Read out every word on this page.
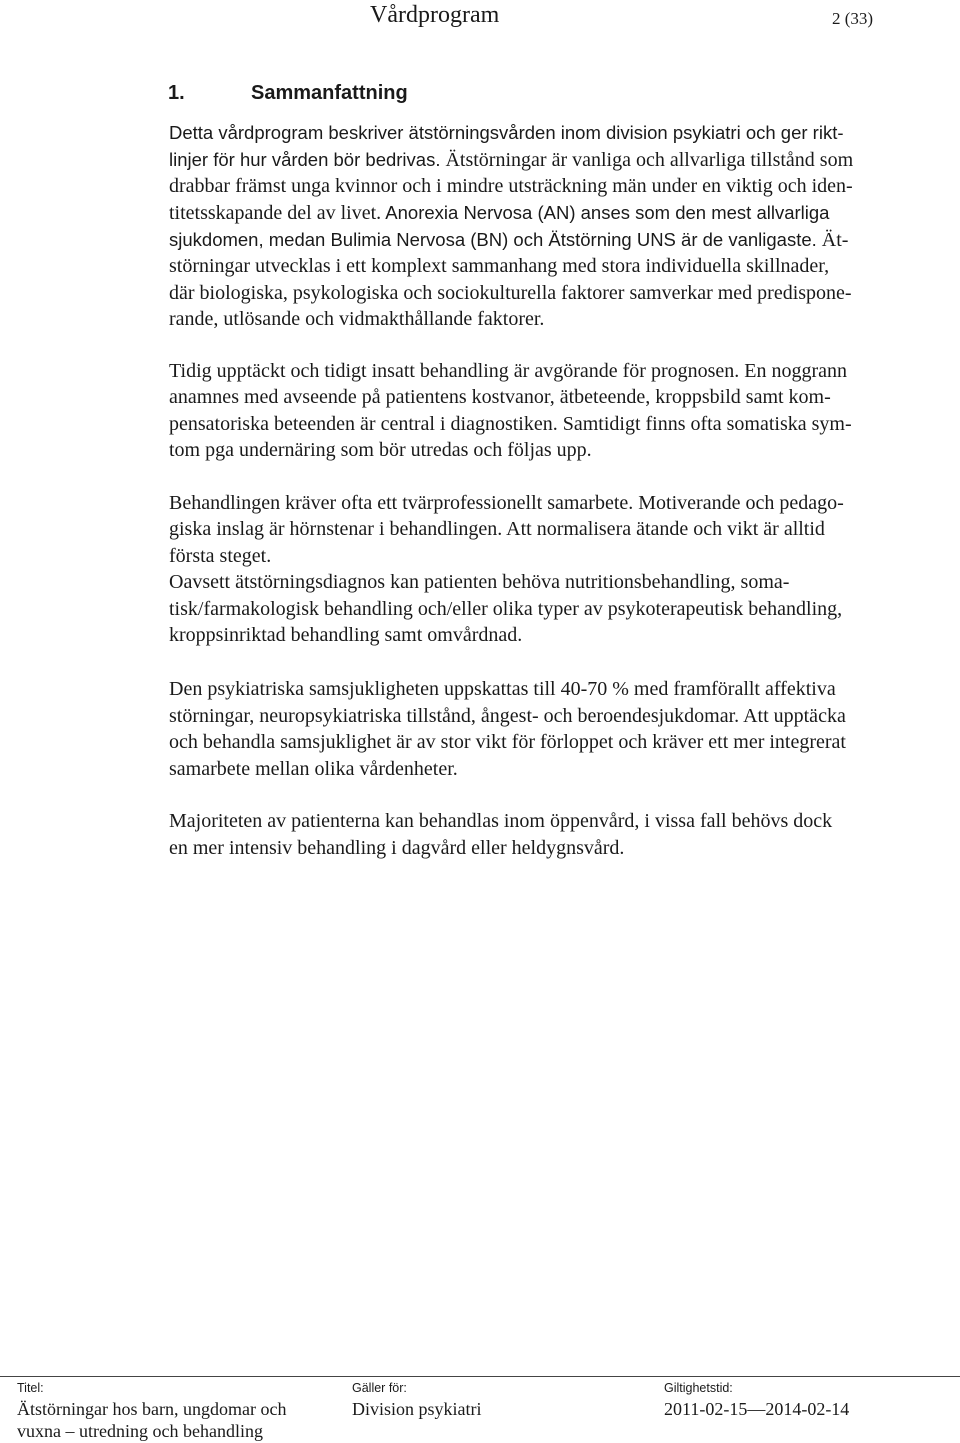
Vårdprogram	2 (33)
1.	Sammanfattning
Detta vårdprogram beskriver ätstörningsvården inom division psykiatri och ger rikt-
linjer för hur vården bör bedrivas. Ätstörningar är vanliga och allvarliga tillstånd som
drabbar främst unga kvinnor och i mindre utsträckning män under en viktig och iden-
titetsskapande del av livet. Anorexia Nervosa (AN) anses som den mest allvarliga
sjukdomen, medan Bulimia Nervosa (BN) och Ätstörning UNS är de vanligaste. Ät-
störningar utvecklas i ett komplext sammanhang med stora individuella skillnader,
där biologiska, psykologiska och sociokulturella faktorer samverkar med predispone-
rande, utlösande och vidmakthållande faktorer.
Tidig upptäckt och tidigt insatt behandling är avgörande för prognosen. En noggrann
anamnes med avseende på patientens kostvanor, ätbeteende, kroppsbild samt kom-
pensatoriska beteenden är central i diagnostiken. Samtidigt finns ofta somatiska sym-
tom pga undernäring som bör utredas och följas upp.
Behandlingen kräver ofta ett tvärprofessionellt samarbete. Motiverande och pedago-
giska inslag är hörnstenar i behandlingen. Att normalisera ätande och vikt är alltid
första steget.
Oavsett ätstörningsdiagnos kan patienten behöva nutritionsbehandling, soma-
tisk/farmakologisk behandling och/eller olika typer av psykoterapeutisk behandling,
kroppsinriktad behandling samt omvårdnad.
Den psykiatriska samsjukligheten uppskattas till 40-70 % med framförallt affektiva
störningar, neuropsykiatriska tillstånd, ångest- och beroendesjukdomar. Att upptäcka
och behandla samsjuklighet är av stor vikt för förloppet och kräver ett mer integrerat
samarbete mellan olika vårdenheter.
Majoriteten av patienterna kan behandlas inom öppenvård, i vissa fall behövs dock
en mer intensiv behandling i dagvård eller heldygnsvård.
Titel:
Ätstörningar hos barn, ungdomar och
vuxna – utredning och behandling
Gäller för:
Division psykiatri
Giltighetstid:
2011-02-15—2014-02-14
